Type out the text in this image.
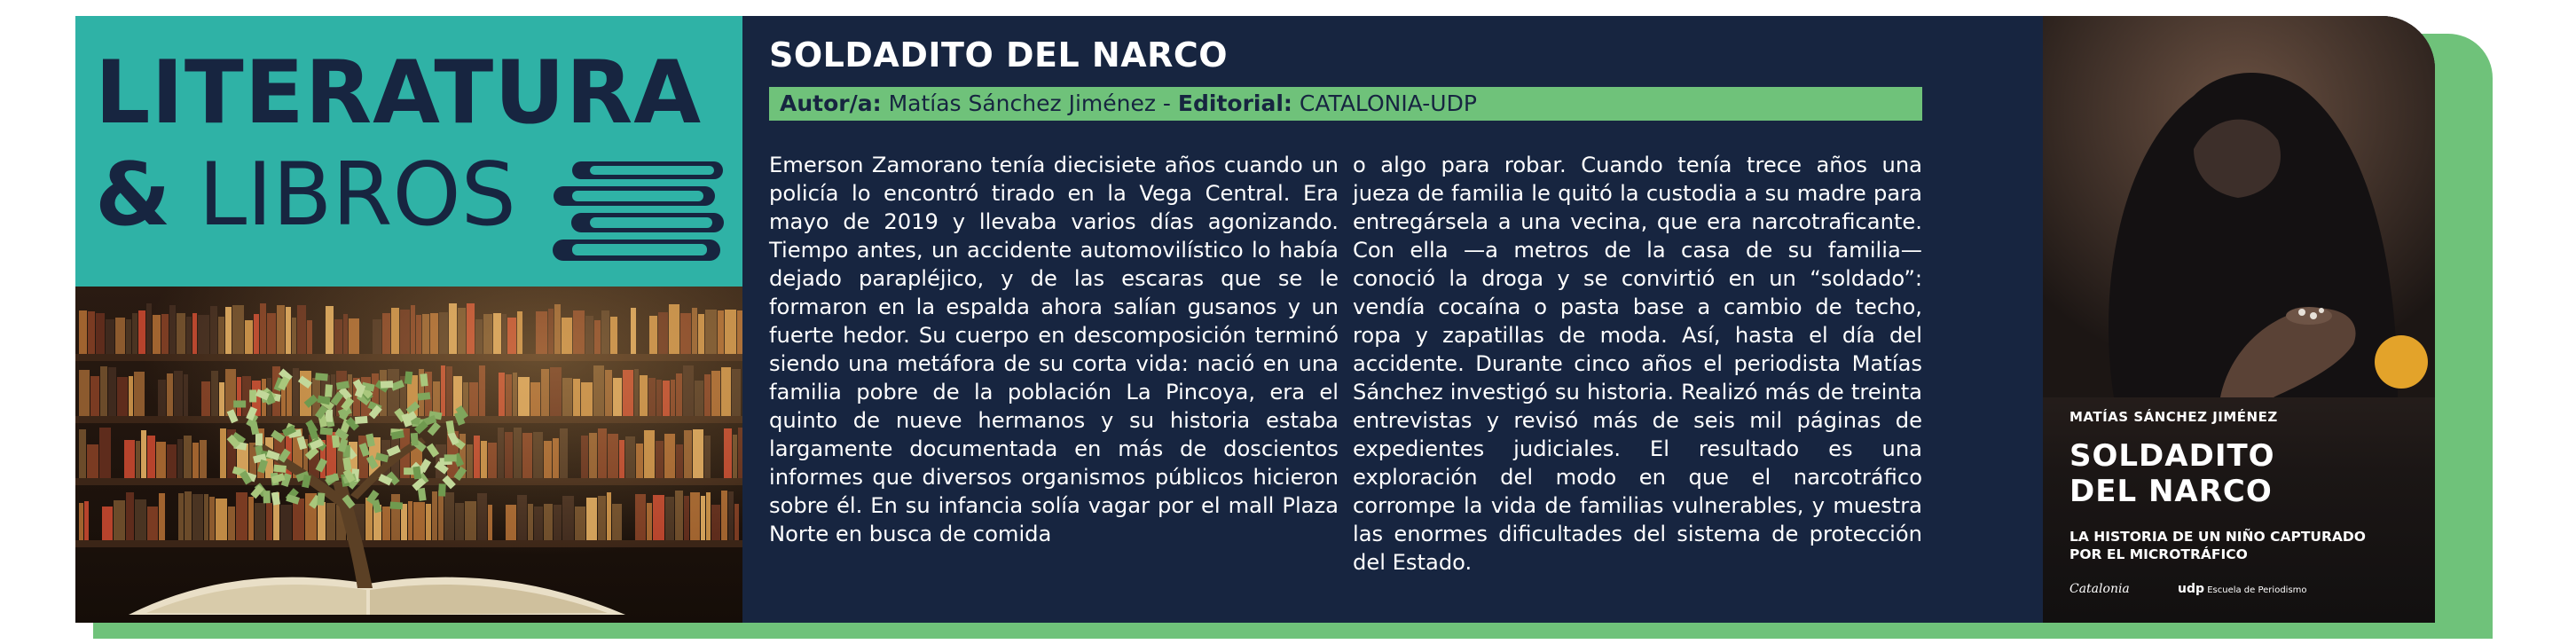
LITERATURA
& LIBROS
SOLDADITO DEL NARCO
Autor/a: Matías Sánchez Jiménez - Editorial: CATALONIA-UDP
Emerson Zamorano tenía diecisiete años cuando un policía lo encontró tirado en la Vega Central. Era mayo de 2019 y llevaba varios días agonizando. Tiempo antes, un accidente automovilístico lo había dejado parapléjico, y de las escaras que se le formaron en la espalda ahora salían gusanos y un fuerte hedor. Su cuerpo en descomposición terminó siendo una metáfora de su corta vida: nació en una familia pobre de la población La Pincoya, era el quinto de nueve hermanos y su historia estaba largamente documentada en más de doscientos informes que diversos organismos públicos hicieron sobre él. En su infancia solía vagar por el mall Plaza Norte en busca de comida
o algo para robar. Cuando tenía trece años una jueza de familia le quitó la custodia a su madre para entregársela a una vecina, que era narcotraficante. Con ella —a metros de la casa de su familia— conoció la droga y se convirtió en un “soldado”: vendía cocaína o pasta base a cambio de techo, ropa y zapatillas de moda. Así, hasta el día del accidente. Durante cinco años el periodista Matías Sánchez investigó su historia. Realizó más de treinta entrevistas y revisó más de seis mil páginas de expedientes judiciales. El resultado es una exploración del modo en que el narcotráfico corrompe la vida de familias vulnerables, y muestra las enormes dificultades del sistema de protección del Estado.
MATÍAS SÁNCHEZ JIMÉNEZ
SOLDADITO
DEL NARCO
LA HISTORIA DE UN NIÑO CAPTURADO
POR EL MICROTRÁFICO
Catalonia	udp Escuela de Periodismo
